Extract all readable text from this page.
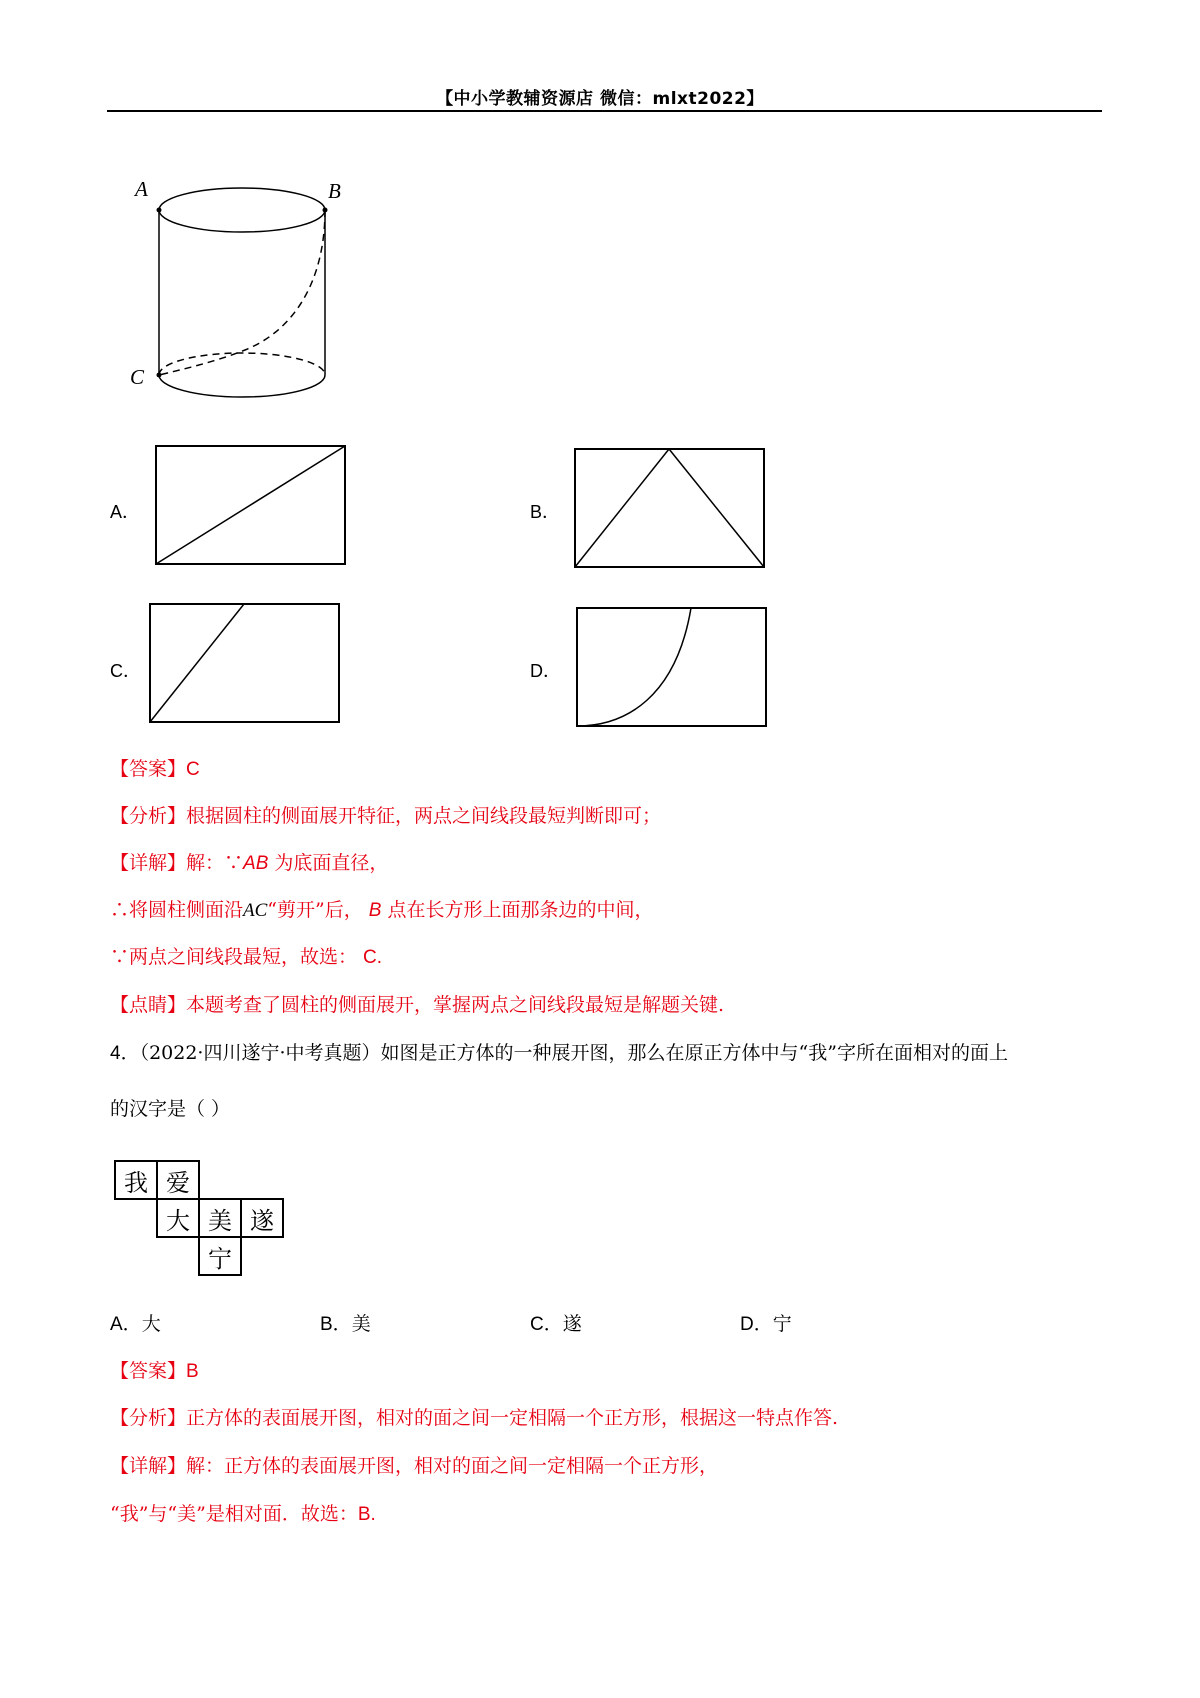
【中小学教辅资源店 微信：mlxt2022】
A	B
C
A．	B．
C．	D．
【答案】C
【分析】根据圆柱的侧面展开特征，两点之间线段最短判断即可；
【详解】解：∵AB 为底面直径，
∴将圆柱侧面沿AC“剪开”后， B 点在长方形上面那条边的中间，
∵两点之间线段最短，故选： C.
【点睛】本题考查了圆柱的侧面展开，掌握两点之间线段最短是解题关键.
4．（2022·四川遂宁·中考真题）如图是正方体的一种展开图，那么在原正方体中与“我”字所在面相对的面上
的汉字是（ ）
我 爱
大 美 遂
宁
A．大	B．美	C．遂	D．宁
【答案】B
【分析】正方体的表面展开图，相对的面之间一定相隔一个正方形，根据这一特点作答.
【详解】解：正方体的表面展开图，相对的面之间一定相隔一个正方形，
“我”与“美”是相对面．故选：B.
